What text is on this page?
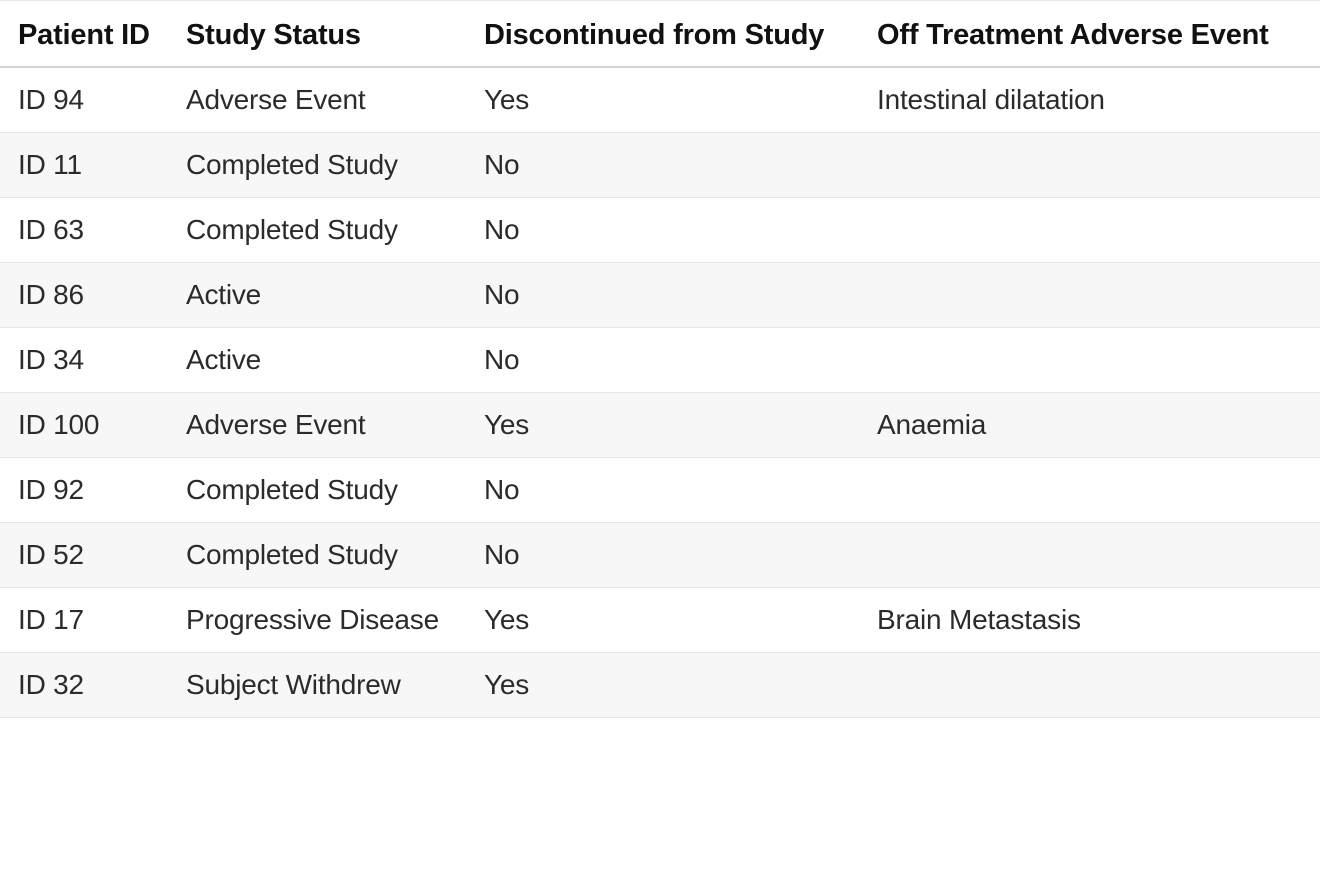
Patient ID	Study Status	Discontinued from Study	Off Treatment Adverse Event
ID 94	Adverse Event	Yes	Intestinal dilatation
ID 11	Completed Study	No	
ID 63	Completed Study	No	
ID 86	Active	No	
ID 34	Active	No	
ID 100	Adverse Event	Yes	Anaemia
ID 92	Completed Study	No	
ID 52	Completed Study	No	
ID 17	Progressive Disease	Yes	Brain Metastasis
ID 32	Subject Withdrew	Yes	
